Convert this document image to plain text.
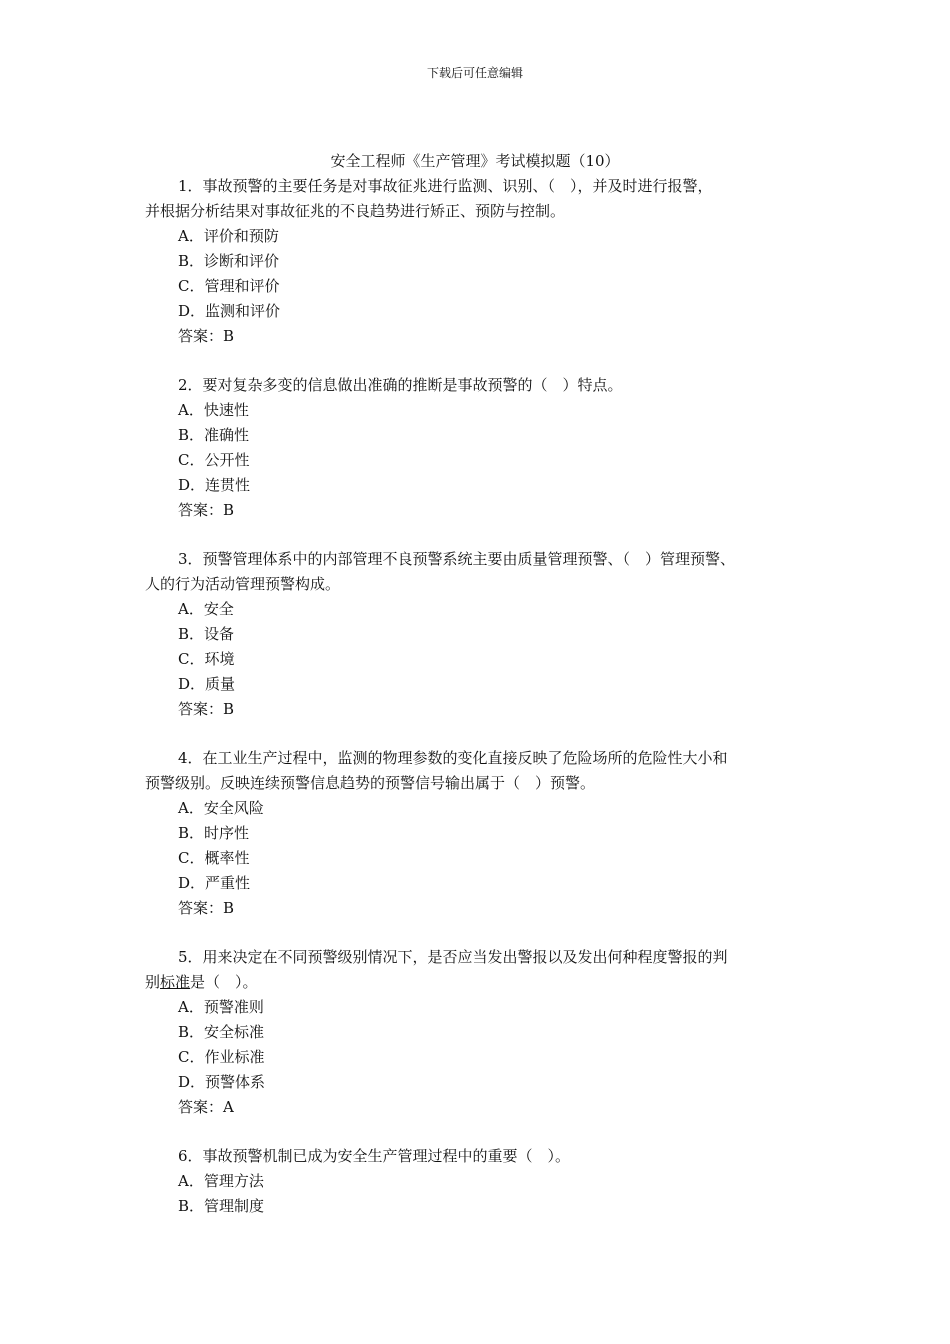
下载后可任意编辑
安全工程师《生产管理》考试模拟题（10）

1．事故预警的主要任务是对事故征兆进行监测、识别、（　），并及时进行报警，

并根据分析结果对事故征兆的不良趋势进行矫正、预防与控制。

A．评价和预防

B．诊断和评价

C．管理和评价

D．监测和评价

答案：B

2．要对复杂多变的信息做出准确的推断是事故预警的（　）特点。

A．快速性

B．准确性

C．公开性

D．连贯性

答案：B

3．预警管理体系中的内部管理不良预警系统主要由质量管理预警、（　）管理预警、

人的行为活动管理预警构成。

A．安全

B．设备

C．环境

D．质量

答案：B

4．在工业生产过程中，监测的物理参数的变化直接反映了危险场所的危险性大小和

预警级别。反映连续预警信息趋势的预警信号输出属于（　）预警。

A．安全风险

B．时序性

C．概率性

D．严重性

答案：B

5．用来决定在不同预警级别情况下，是否应当发出警报以及发出何种程度警报的判

别标准是（　）。

A．预警准则

B．安全标准

C．作业标准

D．预警体系

答案：A

6．事故预警机制已成为安全生产管理过程中的重要（　）。

A．管理方法

B．管理制度
